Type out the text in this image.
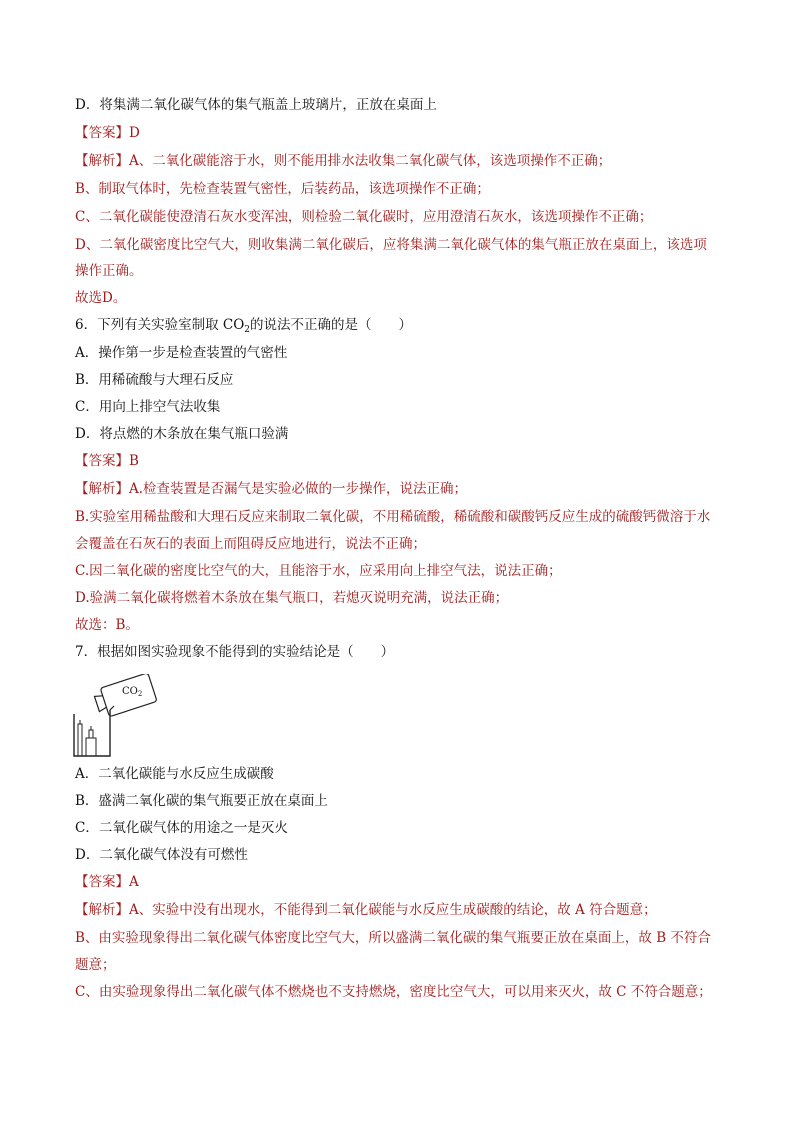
D．将集满二氧化碳气体的集气瓶盖上玻璃片，正放在桌面上
【答案】D
【解析】A、二氧化碳能溶于水，则不能用排水法收集二氧化碳气体，该选项操作不正确；
B、制取气体时，先检查装置气密性，后装药品，该选项操作不正确；
C、二氧化碳能使澄清石灰水变浑浊，则检验二氧化碳时，应用澄清石灰水，该选项操作不正确；
D、二氧化碳密度比空气大，则收集满二氧化碳后，应将集满二氧化碳气体的集气瓶正放在桌面上，该选项
操作正确。
故选D。
6．下列有关实验室制取 $CO_2$的说法不正确的是（　　）
A．操作第一步是检查装置的气密性
B．用稀硫酸与大理石反应
C．用向上排空气法收集
D．将点燃的木条放在集气瓶口验满
【答案】B
【解析】A.检查装置是否漏气是实验必做的一步操作，说法正确；
B.实验室用稀盐酸和大理石反应来制取二氧化碳，不用稀硫酸，稀硫酸和碳酸钙反应生成的硫酸钙微溶于水
会覆盖在石灰石的表面上而阻碍反应地进行，说法不正确；
C.因二氧化碳的密度比空气的大，且能溶于水，应采用向上排空气法，说法正确；
D.验满二氧化碳将燃着木条放在集气瓶口，若熄灭说明充满，说法正确；
故选：B。
7．根据如图实验现象不能得到的实验结论是（　　）
$CO_2$
A．二氧化碳能与水反应生成碳酸
B．盛满二氧化碳的集气瓶要正放在桌面上
C．二氧化碳气体的用途之一是灭火
D．二氧化碳气体没有可燃性
【答案】A
【解析】A、实验中没有出现水，不能得到二氧化碳能与水反应生成碳酸的结论，故 A 符合题意；
B、由实验现象得出二氧化碳气体密度比空气大，所以盛满二氧化碳的集气瓶要正放在桌面上，故 B 不符合
题意；
C、由实验现象得出二氧化碳气体不燃烧也不支持燃烧，密度比空气大，可以用来灭火，故 C 不符合题意；
